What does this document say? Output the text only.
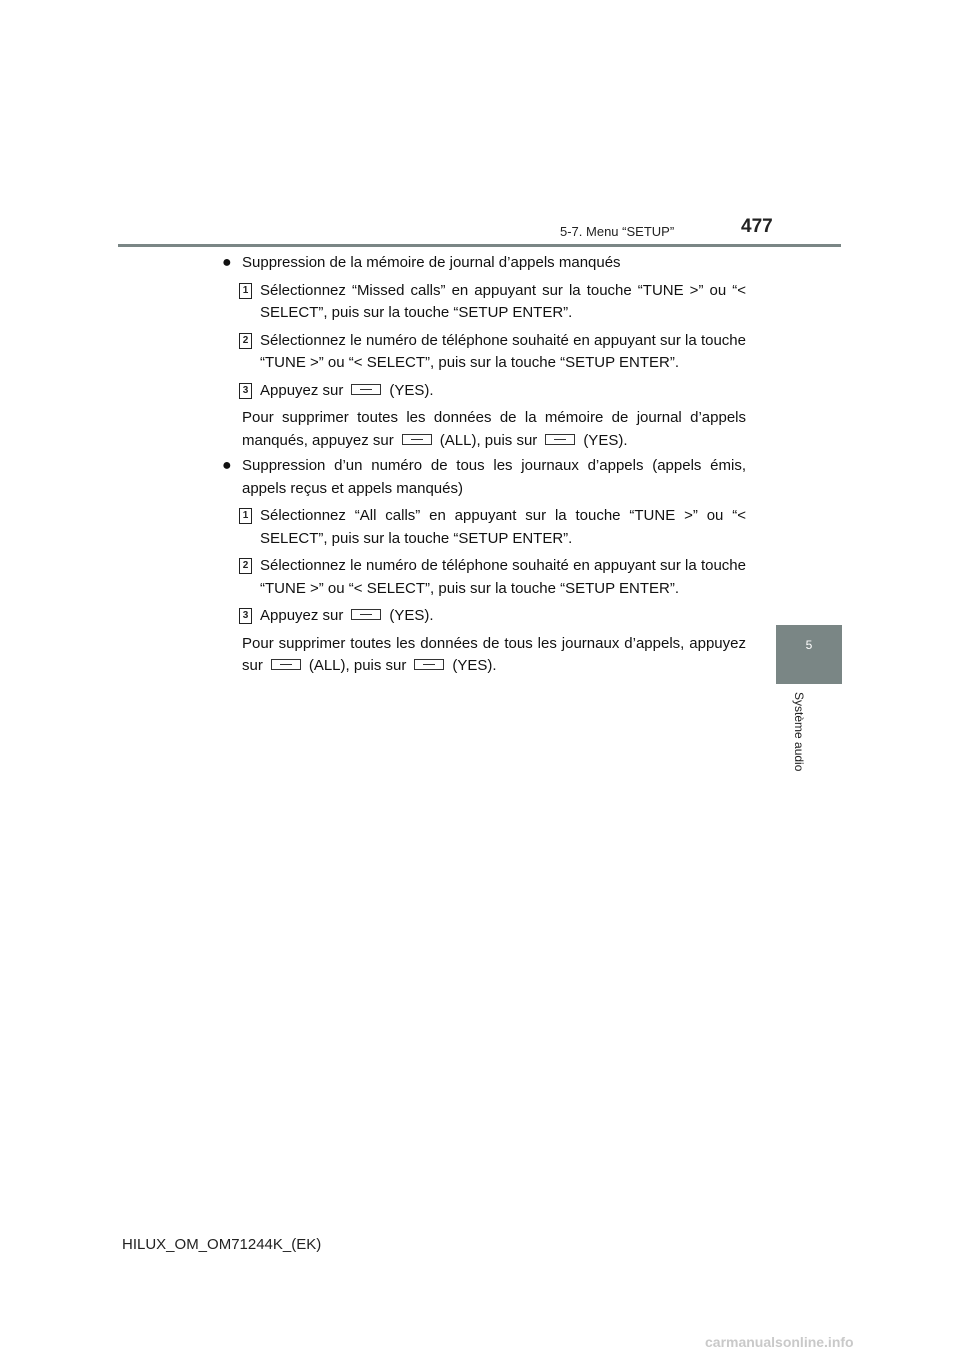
5-7. Menu “SETUP”	477
5
Système audio
● Suppression de la mémoire de journal d’appels manqués
1 Sélectionnez “Missed calls” en appuyant sur la touche “TUNE >” ou “< SELECT”, puis sur la touche “SETUP ENTER”.
2 Sélectionnez le numéro de téléphone souhaité en appuyant sur la touche “TUNE >” ou “< SELECT”, puis sur la touche “SETUP ENTER”.
3 Appuyez sur	(YES).
Pour supprimer toutes les données de la mémoire de journal d’appels manqués, appuyez sur	(ALL), puis sur	(YES).
● Suppression d’un numéro de tous les journaux d’appels (appels émis, appels reçus et appels manqués)
1 Sélectionnez “All calls” en appuyant sur la touche “TUNE >” ou “< SELECT”, puis sur la touche “SETUP ENTER”.
2 Sélectionnez le numéro de téléphone souhaité en appuyant sur la touche “TUNE >” ou “< SELECT”, puis sur la touche “SETUP ENTER”.
3 Appuyez sur	(YES).
Pour supprimer toutes les données de tous les journaux d’appels, appuyez sur	(ALL), puis sur	(YES).
HILUX_OM_OM71244K_(EK)
carmanualsonline.info
